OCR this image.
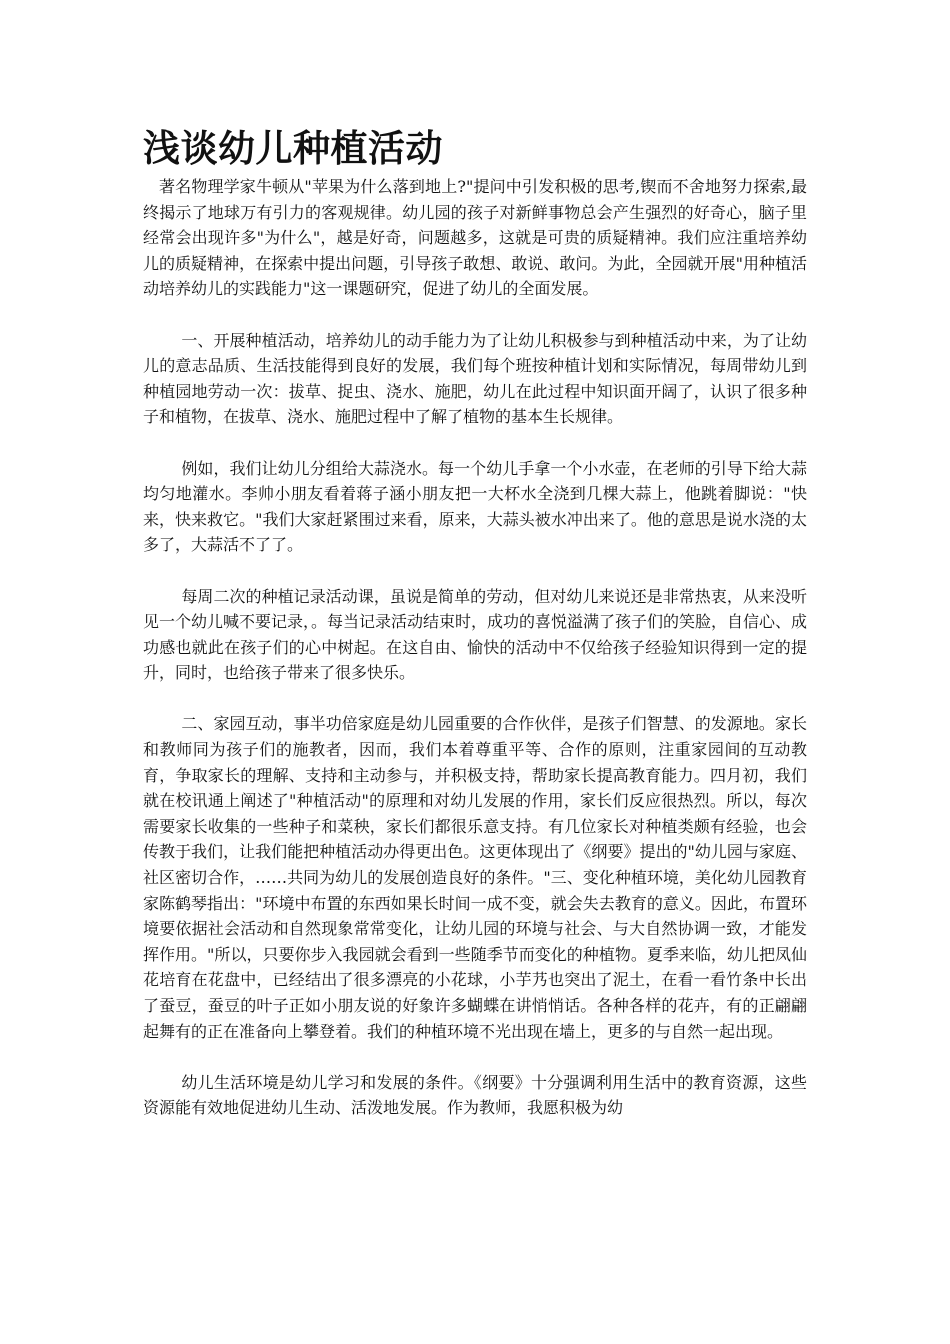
浅谈幼儿种植活动

著名物理学家牛顿从"苹果为什么落到地上?"提问中引发积极的思考,锲而不舍地努力探索,最终揭示了地球万有引力的客观规律。幼儿园的孩子对新鲜事物总会产生强烈的好奇心，脑子里经常会出现许多"为什么"，越是好奇，问题越多，这就是可贵的质疑精神。我们应注重培养幼儿的质疑精神，在探索中提出问题，引导孩子敢想、敢说、敢问。为此，全园就开展"用种植活动培养幼儿的实践能力"这一课题研究，促进了幼儿的全面发展。

一、开展种植活动，培养幼儿的动手能力为了让幼儿积极参与到种植活动中来，为了让幼儿的意志品质、生活技能得到良好的发展，我们每个班按种植计划和实际情况，每周带幼儿到种植园地劳动一次：拔草、捉虫、浇水、施肥，幼儿在此过程中知识面开阔了，认识了很多种子和植物，在拔草、浇水、施肥过程中了解了植物的基本生长规律。

例如，我们让幼儿分组给大蒜浇水。每一个幼儿手拿一个小水壶，在老师的引导下给大蒜均匀地灌水。李帅小朋友看着蒋子涵小朋友把一大杯水全浇到几棵大蒜上，他跳着脚说："快来，快来救它。"我们大家赶紧围过来看，原来，大蒜头被水冲出来了。他的意思是说水浇的太多了，大蒜活不了了。

每周二次的种植记录活动课，虽说是简单的劳动，但对幼儿来说还是非常热衷，从来没听见一个幼儿喊不要记录，。每当记录活动结束时，成功的喜悦溢满了孩子们的笑脸，自信心、成功感也就此在孩子们的心中树起。在这自由、愉快的活动中不仅给孩子经验知识得到一定的提升，同时，也给孩子带来了很多快乐。

二、家园互动，事半功倍家庭是幼儿园重要的合作伙伴，是孩子们智慧、的发源地。家长和教师同为孩子们的施教者，因而，我们本着尊重平等、合作的原则，注重家园间的互动教育，争取家长的理解、支持和主动参与，并积极支持，帮助家长提高教育能力。四月初，我们就在校讯通上阐述了"种植活动"的原理和对幼儿发展的作用，家长们反应很热烈。所以，每次需要家长收集的一些种子和菜秧，家长们都很乐意支持。有几位家长对种植类颇有经验，也会传教于我们，让我们能把种植活动办得更出色。这更体现出了《纲要》提出的"幼儿园与家庭、社区密切合作，……共同为幼儿的发展创造良好的条件。"三、变化种植环境，美化幼儿园教育家陈鹤琴指出："环境中布置的东西如果长时间一成不变，就会失去教育的意义。因此，布置环境要依据社会活动和自然现象常常变化，让幼儿园的环境与社会、与大自然协调一致，才能发挥作用。"所以，只要你步入我园就会看到一些随季节而变化的种植物。夏季来临，幼儿把凤仙花培育在花盘中，已经结出了很多漂亮的小花球，小芋艿也突出了泥土，在看一看竹条中长出了蚕豆，蚕豆的叶子正如小朋友说的好象许多蝴蝶在讲悄悄话。各种各样的花卉，有的正翩翩起舞有的正在准备向上攀登着。我们的种植环境不光出现在墙上，更多的与自然一起出现。

幼儿生活环境是幼儿学习和发展的条件。《纲要》十分强调利用生活中的教育资源，这些资源能有效地促进幼儿生动、活泼地发展。作为教师，我愿积极为幼
